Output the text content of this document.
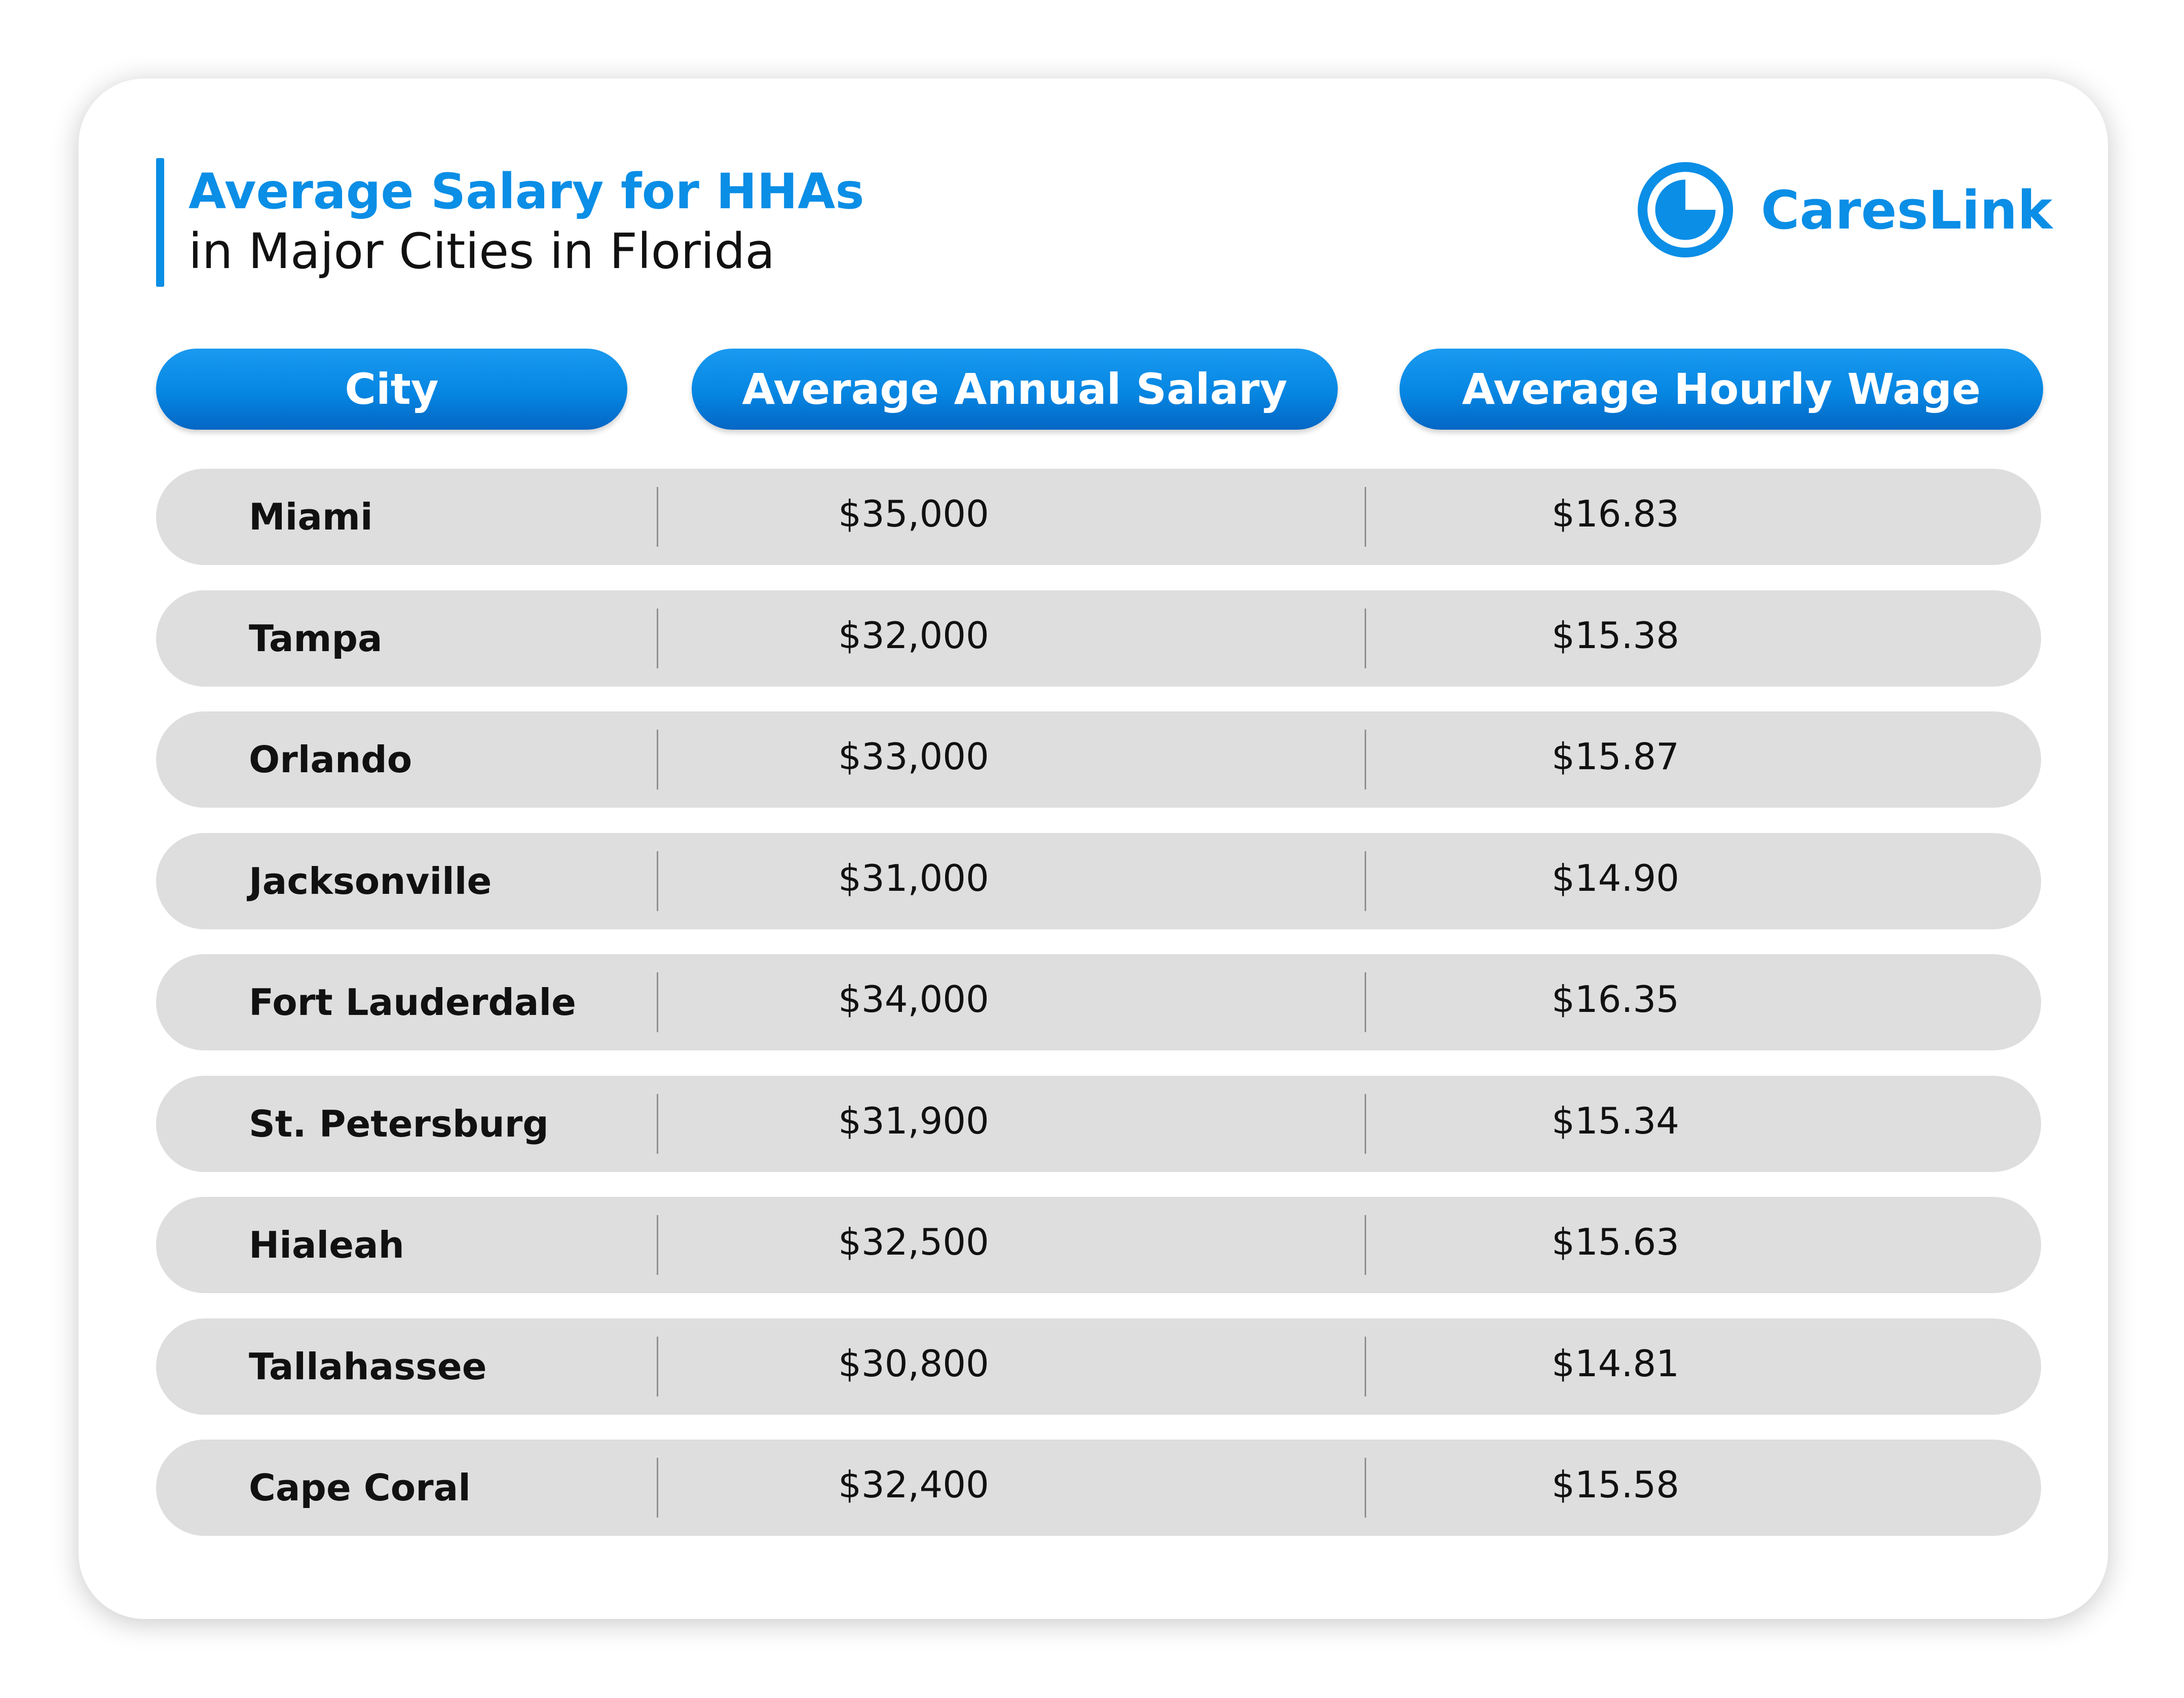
Average Salary for HHAs
in Major Cities in Florida
CaresLink
City	Average Annual Salary	Average Hourly Wage
Miami	$35,000	$16.83
Tampa	$32,000	$15.38
Orlando	$33,000	$15.87
Jacksonville	$31,000	$14.90
Fort Lauderdale	$34,000	$16.35
St. Petersburg	$31,900	$15.34
Hialeah	$32,500	$15.63
Tallahassee	$30,800	$14.81
Cape Coral	$32,400	$15.58
